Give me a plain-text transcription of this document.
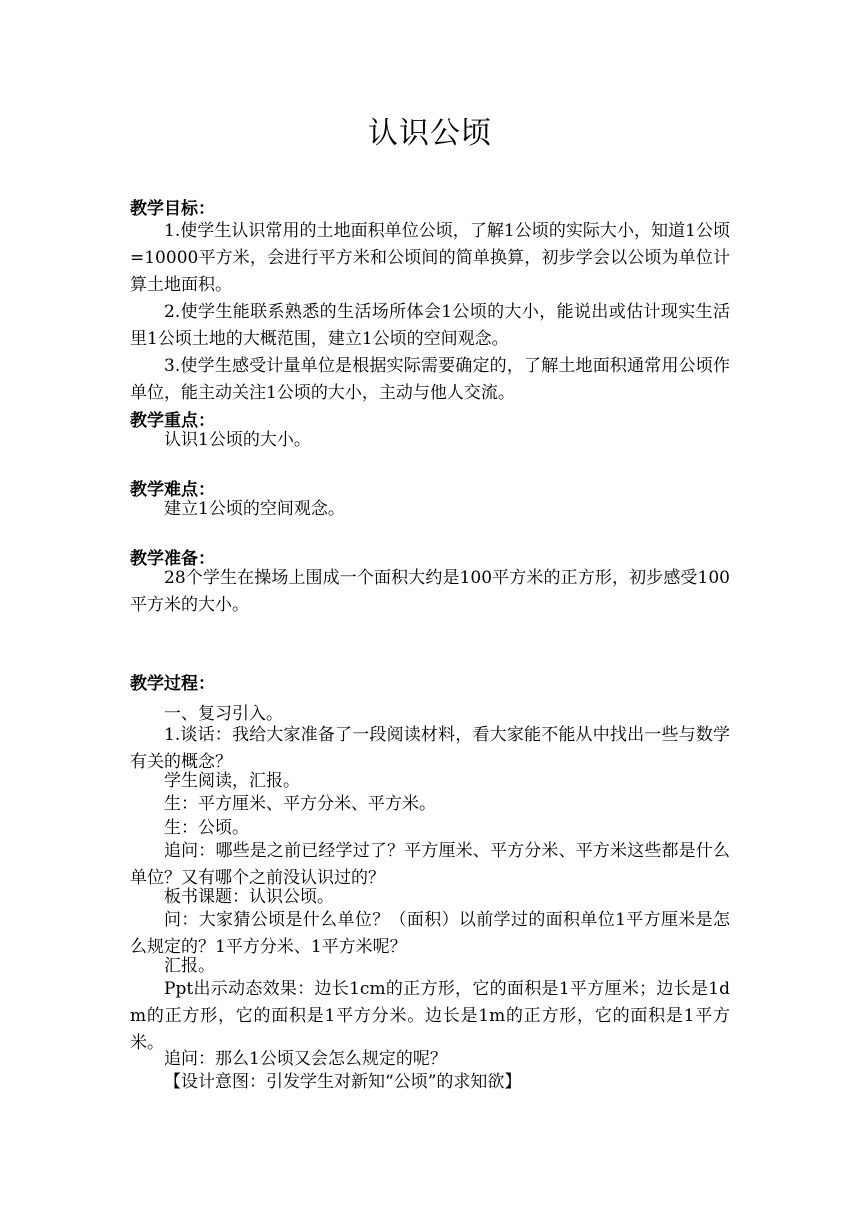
认识公顷
教学目标：
1.使学生认识常用的土地面积单位公顷，了解1公顷的实际大小，知道1公顷=10000平方米，会进行平方米和公顷间的简单换算，初步学会以公顷为单位计算土地面积。
2.使学生能联系熟悉的生活场所体会1公顷的大小，能说出或估计现实生活里1公顷土地的大概范围，建立1公顷的空间观念。
3.使学生感受计量单位是根据实际需要确定的，了解土地面积通常用公顷作单位，能主动关注1公顷的大小，主动与他人交流。
教学重点：
认识1公顷的大小。
教学难点：
建立1公顷的空间观念。
教学准备：
28个学生在操场上围成一个面积大约是100平方米的正方形，初步感受100平方米的大小。
教学过程：
一、复习引入。
1.谈话：我给大家准备了一段阅读材料，看大家能不能从中找出一些与数学有关的概念？
学生阅读，汇报。
生：平方厘米、平方分米、平方米。
生：公顷。
追问：哪些是之前已经学过了？平方厘米、平方分米、平方米这些都是什么单位？又有哪个之前没认识过的？
板书课题：认识公顷。
问：大家猜公顷是什么单位？（面积）以前学过的面积单位1平方厘米是怎么规定的？1平方分米、1平方米呢？
汇报。
Ppt出示动态效果：边长1cm的正方形，它的面积是1平方厘米；边长是1dm的正方形，它的面积是1平方分米。边长是1m的正方形，它的面积是1平方米。
追问：那么1公顷又会怎么规定的呢？
【设计意图：引发学生对新知“公顷”的求知欲】
